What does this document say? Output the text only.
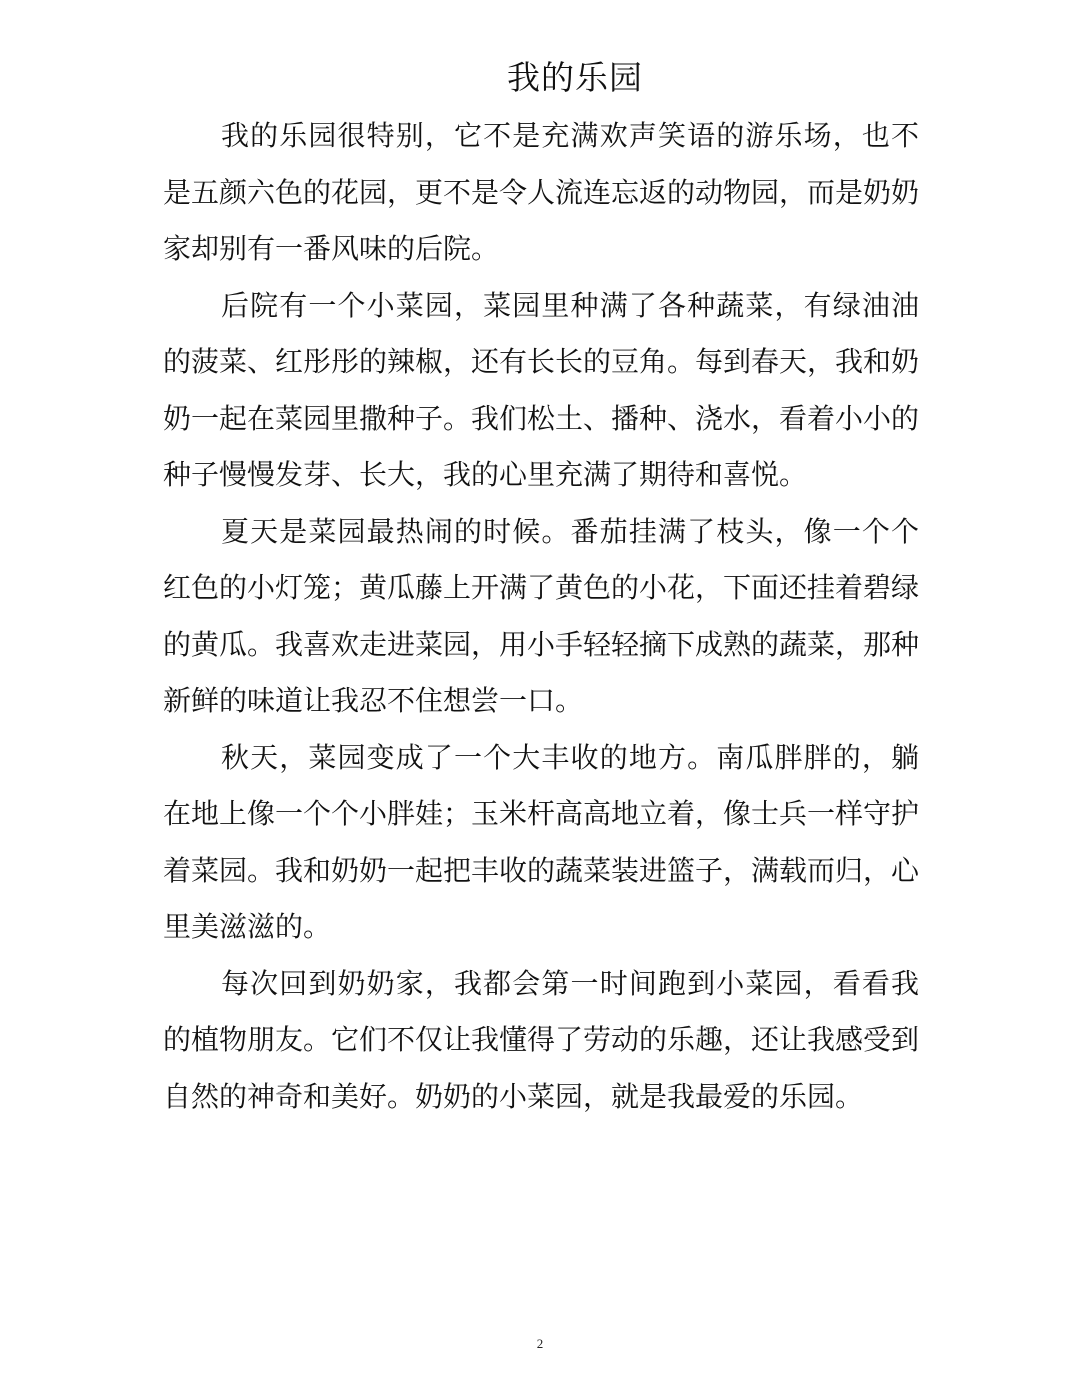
我的乐园

我的乐园很特别，它不是充满欢声笑语的游乐场，也不是五颜六色的花园，更不是令人流连忘返的动物园，而是奶奶家却别有一番风味的后院。

后院有一个小菜园，菜园里种满了各种蔬菜，有绿油油的菠菜、红彤彤的辣椒，还有长长的豆角。每到春天，我和奶奶一起在菜园里撒种子。我们松土、播种、浇水，看着小小的种子慢慢发芽、长大，我的心里充满了期待和喜悦。

夏天是菜园最热闹的时候。番茄挂满了枝头，像一个个红色的小灯笼；黄瓜藤上开满了黄色的小花，下面还挂着碧绿的黄瓜。我喜欢走进菜园，用小手轻轻摘下成熟的蔬菜，那种新鲜的味道让我忍不住想尝一口。

秋天，菜园变成了一个大丰收的地方。南瓜胖胖的，躺在地上像一个个小胖娃；玉米杆高高地立着，像士兵一样守护着菜园。我和奶奶一起把丰收的蔬菜装进篮子，满载而归，心里美滋滋的。

每次回到奶奶家，我都会第一时间跑到小菜园，看看我的植物朋友。它们不仅让我懂得了劳动的乐趣，还让我感受到自然的神奇和美好。奶奶的小菜园，就是我最爱的乐园。

2
